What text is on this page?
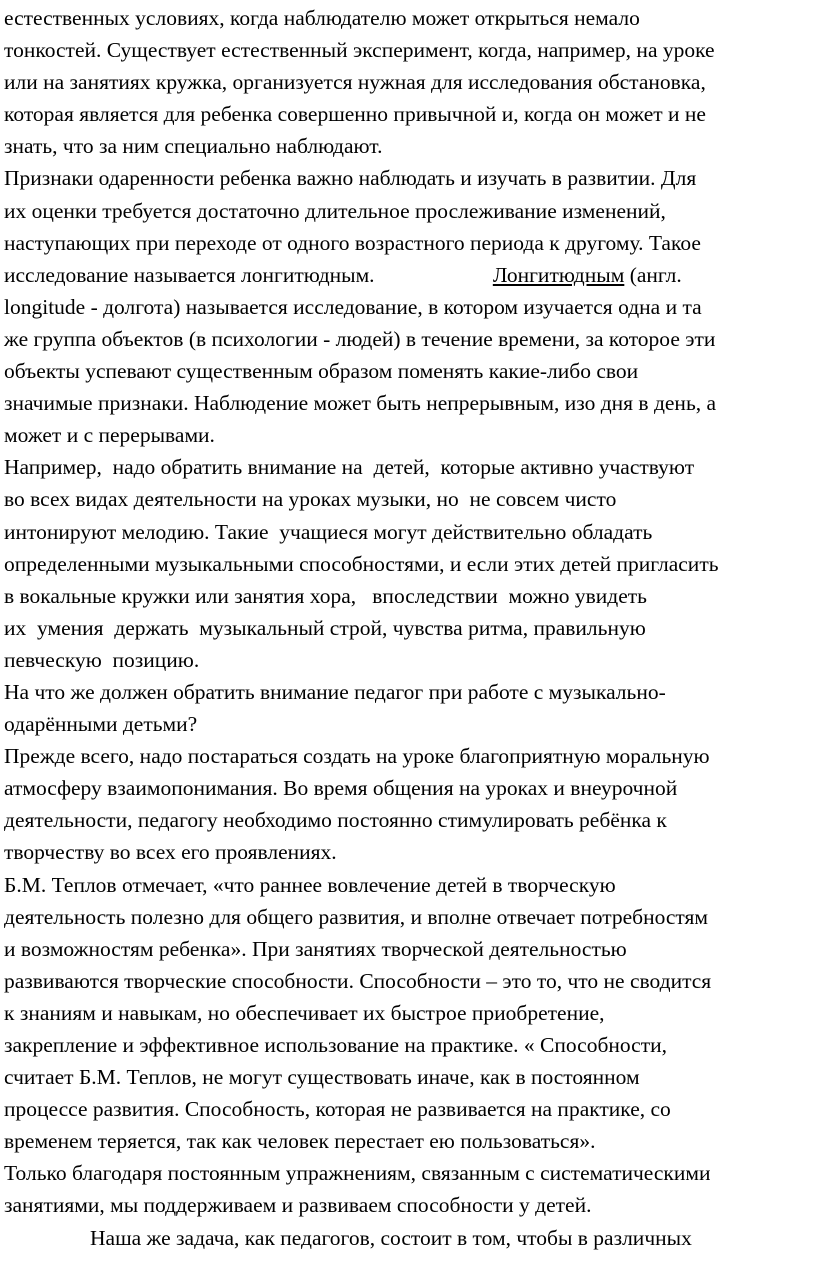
естественных условиях, когда наблюдателю может открыться немало
тонкостей. Существует естественный эксперимент, когда, например, на уроке
или на занятиях кружка, организуется нужная для исследования обстановка,
которая является для ребенка совершенно привычной и, когда он может и не
знать, что за ним специально наблюдают.
Признаки одаренности ребенка важно наблюдать и изучать в развитии. Для
их оценки требуется достаточно длительное прослеживание изменений,
наступающих при переходе от одного возрастного периода к другому. Такое
исследование называется лонгитюдным.	Лонгитюдным (англ.
longitude - долгота) называется исследование, в котором изучается одна и та
же группа объектов (в психологии - людей) в течение времени, за которое эти
объекты успевают существенным образом поменять какие-либо свои
значимые признаки. Наблюдение может быть непрерывным, изо дня в день, а
может и с перерывами.
Например,  надо обратить внимание на  детей,  которые активно участвуют
во всех видах деятельности на уроках музыки, но  не совсем чисто
интонируют мелодию. Такие  учащиеся могут действительно обладать
определенными музыкальными способностями, и если этих детей пригласить
в вокальные кружки или занятия хора,   впоследствии  можно увидеть
их  умения  держать  музыкальный строй, чувства ритма, правильную
певческую  позицию.
На что же должен обратить внимание педагог при работе с музыкально-
одарёнными детьми?
Прежде всего, надо постараться создать на уроке благоприятную моральную
атмосферу взаимопонимания. Во время общения на уроках и внеурочной
деятельности, педагогу необходимо постоянно стимулировать ребёнка к
творчеству во всех его проявлениях.
Б.М. Теплов отмечает, «что раннее вовлечение детей в творческую
деятельность полезно для общего развития, и вполне отвечает потребностям
и возможностям ребенка». При занятиях творческой деятельностью
развиваются творческие способности. Способности – это то, что не сводится
к знаниям и навыкам, но обеспечивает их быстрое приобретение,
закрепление и эффективное использование на практике. « Способности,
считает Б.М. Теплов, не могут существовать иначе, как в постоянном
процессе развития. Способность, которая не развивается на практике, со
временем теряется, так как человек перестает ею пользоваться».
Только благодаря постоянным упражнениям, связанным с систематическими
занятиями, мы поддерживаем и развиваем способности у детей.
Наша же задача, как педагогов, состоит в том, чтобы в различных
